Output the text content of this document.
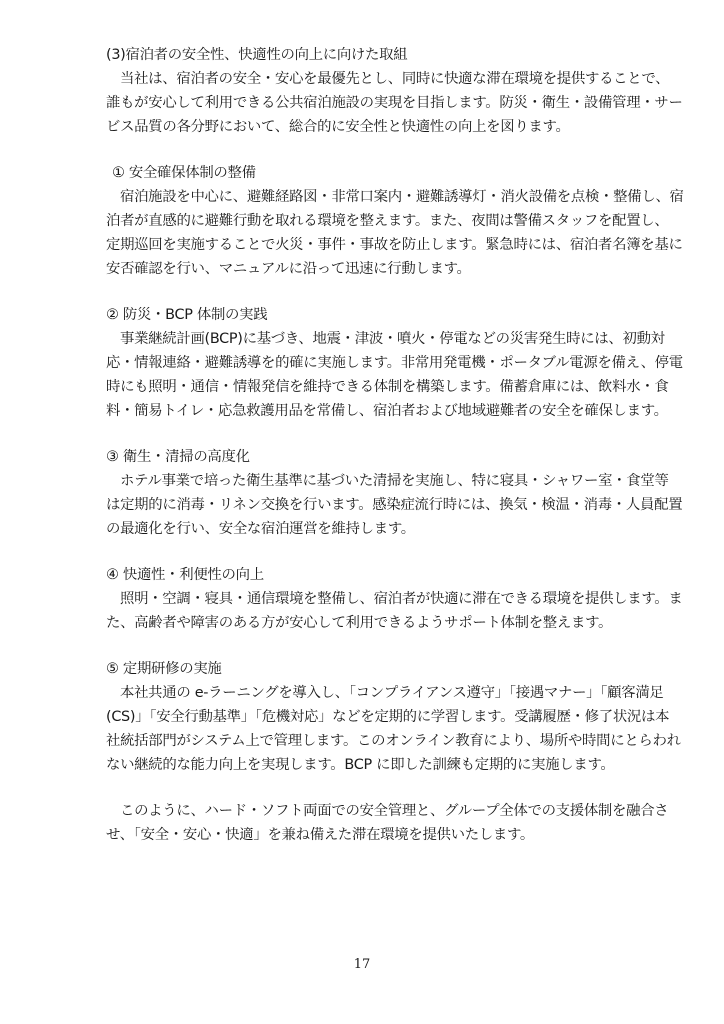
(3)宿泊者の安全性、快適性の向上に向けた取組
当社は、宿泊者の安全・安心を最優先とし、同時に快適な滞在環境を提供することで、
誰もが安心して利用できる公共宿泊施設の実現を目指します。防災・衛生・設備管理・サー
ビス品質の各分野において、総合的に安全性と快適性の向上を図ります。
① 安全確保体制の整備
宿泊施設を中心に、避難経路図・非常口案内・避難誘導灯・消火設備を点検・整備し、宿
泊者が直感的に避難行動を取れる環境を整えます。また、夜間は警備スタッフを配置し、
定期巡回を実施することで火災・事件・事故を防止します。緊急時には、宿泊者名簿を基に
安否確認を行い、マニュアルに沿って迅速に行動します。
② 防災・BCP 体制の実践
事業継続計画(BCP)に基づき、地震・津波・噴火・停電などの災害発生時には、初動対
応・情報連絡・避難誘導を的確に実施します。非常用発電機・ポータブル電源を備え、停電
時にも照明・通信・情報発信を維持できる体制を構築します。備蓄倉庫には、飲料水・食
料・簡易トイレ・応急救護用品を常備し、宿泊者および地域避難者の安全を確保します。
③ 衛生・清掃の高度化
ホテル事業で培った衛生基準に基づいた清掃を実施し、特に寝具・シャワー室・食堂等
は定期的に消毒・リネン交換を行います。感染症流行時には、換気・検温・消毒・人員配置
の最適化を行い、安全な宿泊運営を維持します。
④ 快適性・利便性の向上
照明・空調・寝具・通信環境を整備し、宿泊者が快適に滞在できる環境を提供します。ま
た、高齢者や障害のある方が安心して利用できるようサポート体制を整えます。
⑤ 定期研修の実施
本社共通の e-ラーニングを導入し、「コンプライアンス遵守」「接遇マナー」「顧客満足
(CS)」「安全行動基準」「危機対応」などを定期的に学習します。受講履歴・修了状況は本
社統括部門がシステム上で管理します。このオンライン教育により、場所や時間にとらわれ
ない継続的な能力向上を実現します。BCP に即した訓練も定期的に実施します。
このように、ハード・ソフト両面での安全管理と、グループ全体での支援体制を融合さ
せ、「安全・安心・快適」を兼ね備えた滞在環境を提供いたします。
17
